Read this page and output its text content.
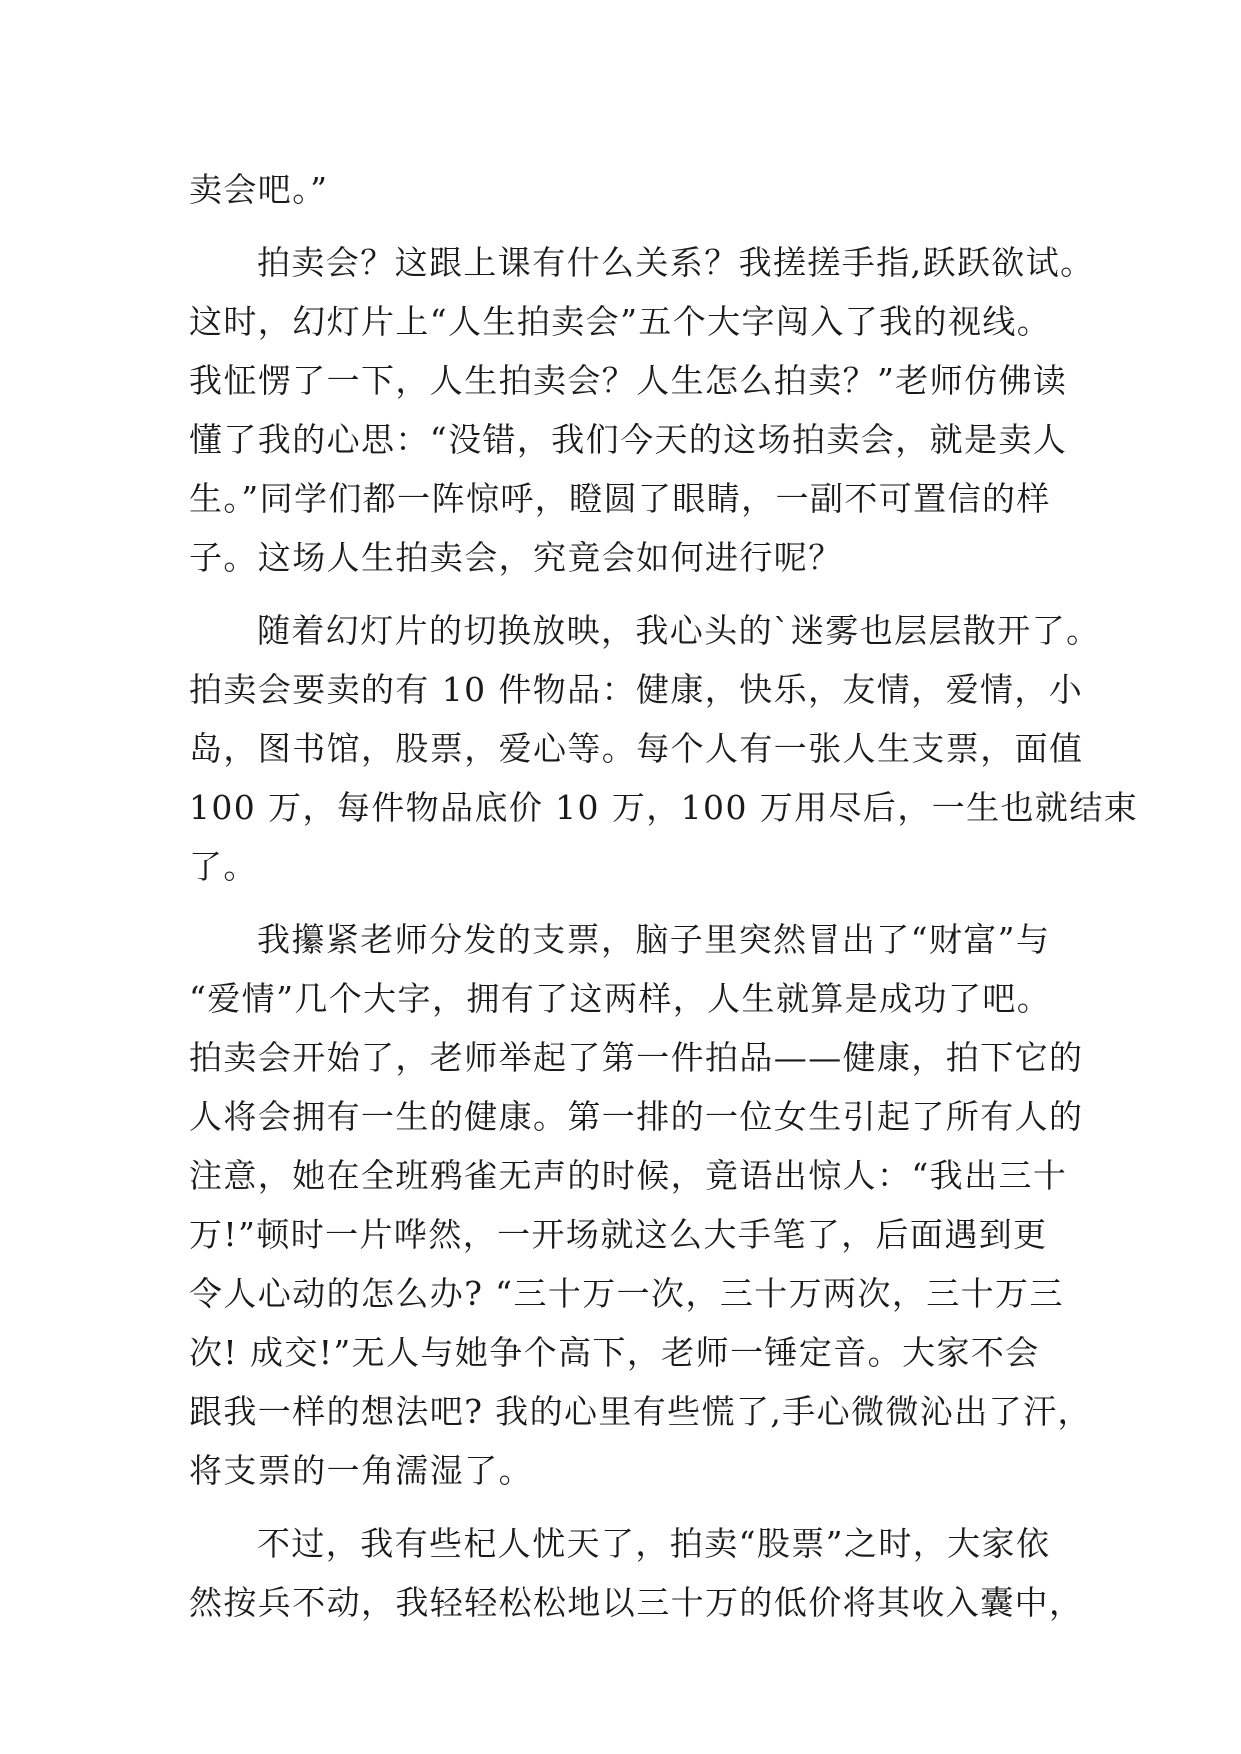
卖会吧。”
拍卖会？这跟上课有什么关系？我搓搓手指,跃跃欲试。
这时，幻灯片上“人生拍卖会”五个大字闯入了我的视线。
我怔愣了一下，人生拍卖会？人生怎么拍卖？”老师仿佛读
懂了我的心思：“没错，我们今天的这场拍卖会，就是卖人
生。”同学们都一阵惊呼，瞪圆了眼睛，一副不可置信的样
子。这场人生拍卖会，究竟会如何进行呢？
随着幻灯片的切换放映，我心头的`迷雾也层层散开了。
拍卖会要卖的有 10 件物品：健康，快乐，友情，爱情，小
岛，图书馆，股票，爱心等。每个人有一张人生支票，面值
100 万，每件物品底价 10 万，100 万用尽后，一生也就结束
了。
我攥紧老师分发的支票，脑子里突然冒出了“财富”与
“爱情”几个大字，拥有了这两样，人生就算是成功了吧。
拍卖会开始了，老师举起了第一件拍品——健康，拍下它的
人将会拥有一生的健康。第一排的一位女生引起了所有人的
注意，她在全班鸦雀无声的时候，竟语出惊人：“我出三十
万!”顿时一片哗然，一开场就这么大手笔了，后面遇到更
令人心动的怎么办? “三十万一次，三十万两次，三十万三
次! 成交!”无人与她争个高下，老师一锤定音。大家不会
跟我一样的想法吧? 我的心里有些慌了,手心微微沁出了汗，
将支票的一角濡湿了。
不过，我有些杞人忧天了，拍卖“股票”之时，大家依
然按兵不动，我轻轻松松地以三十万的低价将其收入囊中，
